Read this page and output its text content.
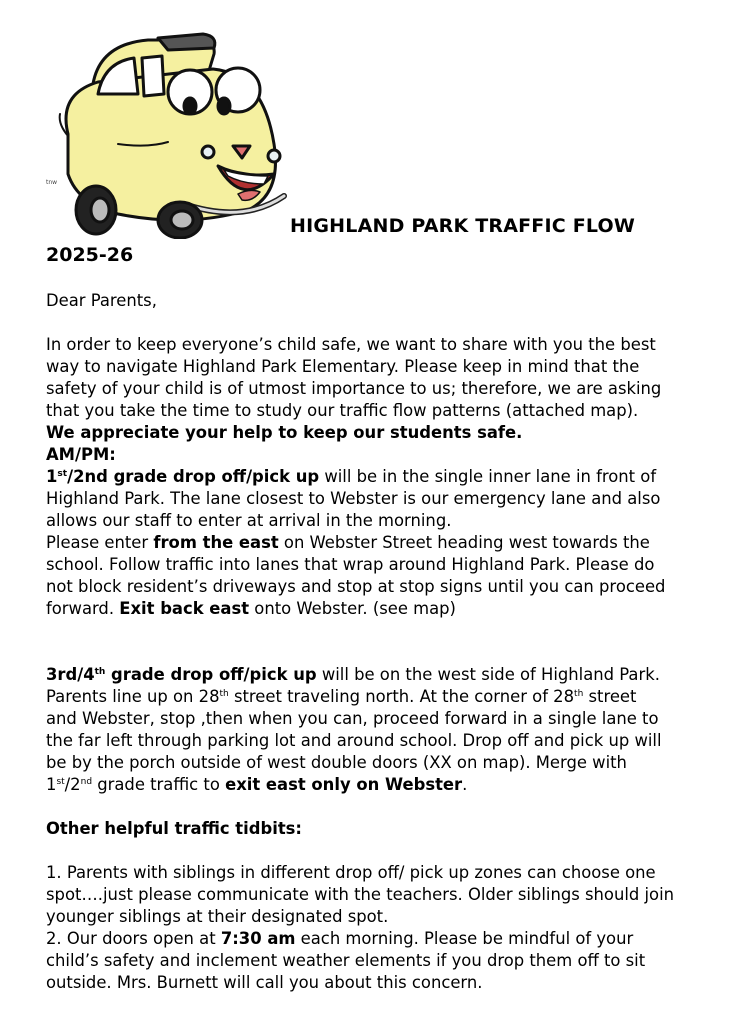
tnw
HIGHLAND PARK TRAFFIC FLOW
2025-26

Dear Parents,

In order to keep everyone’s child safe, we want to share with you the best

way to navigate Highland Park Elementary. Please keep in mind that the

safety of your child is of utmost importance to us; therefore, we are asking

that you take the time to study our traffic flow patterns (attached map).

We appreciate your help to keep our students safe.

AM/PM:

1st/2nd grade drop off/pick up will be in the single inner lane in front of

Highland Park. The lane closest to Webster is our emergency lane and also

allows our staff to enter at arrival in the morning.

Please enter from the east on Webster Street heading west towards the

school. Follow traffic into lanes that wrap around Highland Park. Please do

not block resident’s driveways and stop at stop signs until you can proceed

forward. Exit back east onto Webster. (see map)

3rd/4th grade drop off/pick up will be on the west side of Highland Park.

Parents line up on 28th street traveling north. At the corner of 28th street

and Webster, stop ,then when you can, proceed forward in a single lane to

the far left through parking lot and around school. Drop off and pick up will

be by the porch outside of west double doors (XX on map). Merge with

1st/2nd grade traffic to exit east only on Webster.

Other helpful traffic tidbits:

1. Parents with siblings in different drop off/ pick up zones can choose one

spot….just please communicate with the teachers. Older siblings should join

younger siblings at their designated spot.

2. Our doors open at 7:30 am each morning. Please be mindful of your

child’s safety and inclement weather elements if you drop them off to sit

outside. Mrs. Burnett will call you about this concern.
